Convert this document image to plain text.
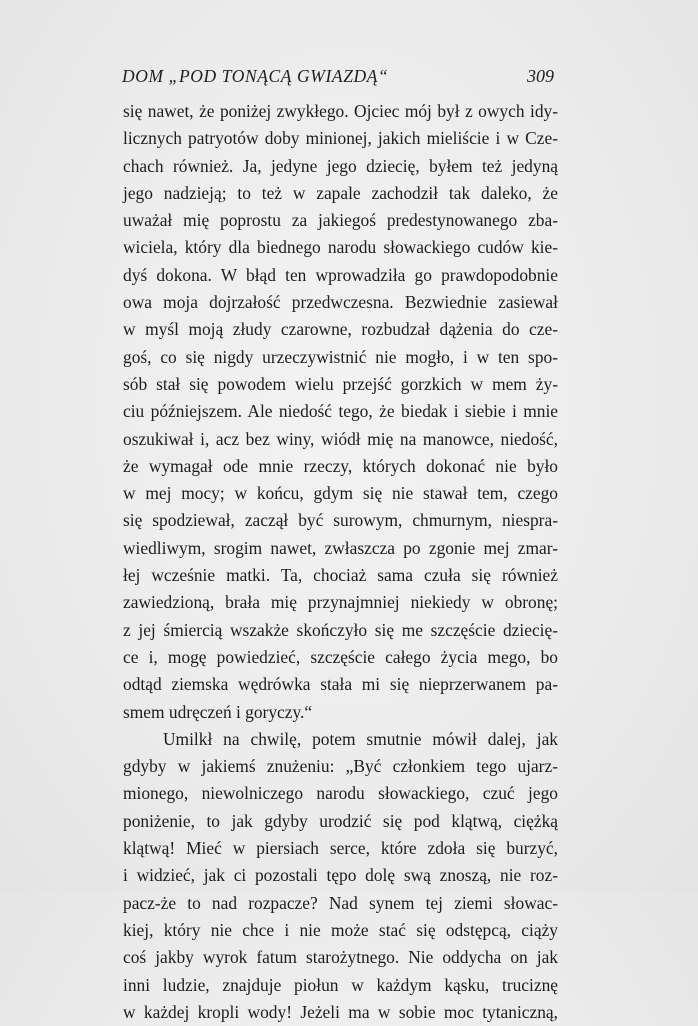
DOM „POD TONĄCĄ GWIAZDĄ“	309
się nawet, że poniżej zwykłego. Ojciec mój był z owych idy-
licznych patryotów doby minionej, jakich mieliście i w Cze-
chach również. Ja, jedyne jego dziecię, byłem też jedyną
jego nadzieją; to też w zapale zachodził tak daleko, że
uważał mię poprostu za jakiegoś predestynowanego zba-
wiciela, który dla biednego narodu słowackiego cudów kie-
dyś dokona. W błąd ten wprowadziła go prawdopodobnie
owa moja dojrzałość przedwczesna. Bezwiednie zasiewał
w myśl moją złudy czarowne, rozbudzał dążenia do cze-
goś, co się nigdy urzeczywistnić nie mogło, i w ten spo-
sób stał się powodem wielu przejść gorzkich w mem ży-
ciu późniejszem. Ale niedość tego, że biedak i siebie i mnie
oszukiwał i, acz bez winy, wiódł mię na manowce, niedość,
że wymagał ode mnie rzeczy, których dokonać nie było
w mej mocy; w końcu, gdym się nie stawał tem, czego
się spodziewał, zaczął być surowym, chmurnym, niespra-
wiedliwym, srogim nawet, zwłaszcza po zgonie mej zmar-
łej wcześnie matki. Ta, chociaż sama czuła się również
zawiedzioną, brała mię przynajmniej niekiedy w obronę;
z jej śmiercią wszakże skończyło się me szczęście dziecię-
ce i, mogę powiedzieć, szczęście całego życia mego, bo
odtąd ziemska wędrówka stała mi się nieprzerwanem pa-
smem udręczeń i goryczy.“
Umilkł na chwilę, potem smutnie mówił dalej, jak
gdyby w jakiemś znużeniu: „Być członkiem tego ujarz-
mionego, niewolniczego narodu słowackiego, czuć jego
poniżenie, to jak gdyby urodzić się pod klątwą, ciężką
klątwą! Mieć w piersiach serce, które zdoła się burzyć,
i widzieć, jak ci pozostali tępo dolę swą znoszą, nie roz-
pacz-że to nad rozpacze? Nad synem tej ziemi słowac-
kiej, który nie chce i nie może stać się odstępcą, ciąży
coś jakby wyrok fatum starożytnego. Nie oddycha on jak
inni ludzie, znajduje piołun w każdym kąsku, truciznę
w każdej kropli wody! Jeżeli ma w sobie moc tytaniczną,
